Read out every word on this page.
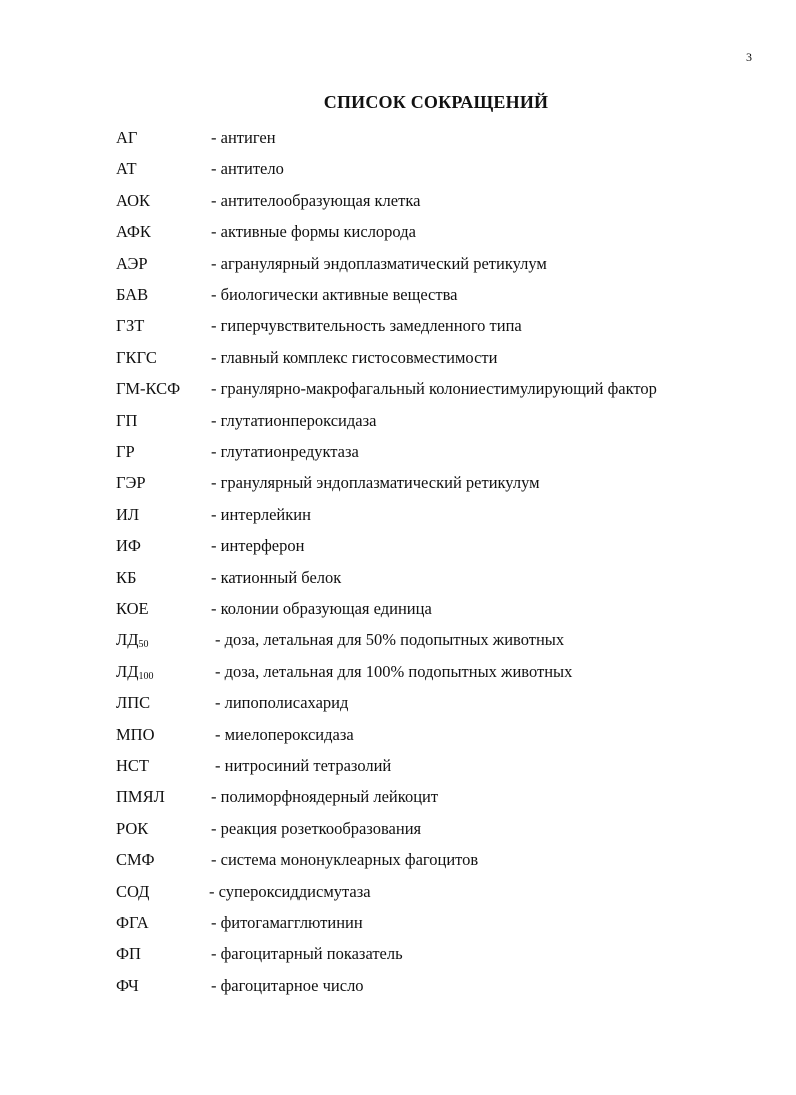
3
СПИСОК СОКРАЩЕНИЙ
АГ	- антиген
АТ	- антитело
АОК	- антителообразующая клетка
АФК	- активные формы кислорода
АЭР	- агранулярный эндоплазматический ретикулум
БАВ	- биологически активные вещества
ГЗТ	- гиперчувствительность замедленного типа
ГКГС	- главный комплекс гистосовместимости
ГМ-КСФ - гранулярно-макрофагальный колониестимулирующий фактор
ГП	- глутатионпероксидаза
ГР	- глутатионредуктаза
ГЭР	- гранулярный эндоплазматический ретикулум
ИЛ	- интерлейкин
ИФ	- интерферон
КБ	- катионный белок
КОЕ	- колонии образующая единица
$ЛД_{50}$	- доза, летальная для 50% подопытных животных
$ЛД_{100}$	- доза, летальная для 100% подопытных животных
ЛПС	- липополисахарид
МПО	- миелопероксидаза
НСТ	- нитросиний тетразолий
ПМЯЛ	- полиморфноядерный лейкоцит
РОК	- реакция розеткообразования
СМФ	- система мононуклеарных фагоцитов
СОД	- супероксиддисмутаза
ФГА	- фитогамагглютинин
ФП	- фагоцитарный показатель
ФЧ	- фагоцитарное число
